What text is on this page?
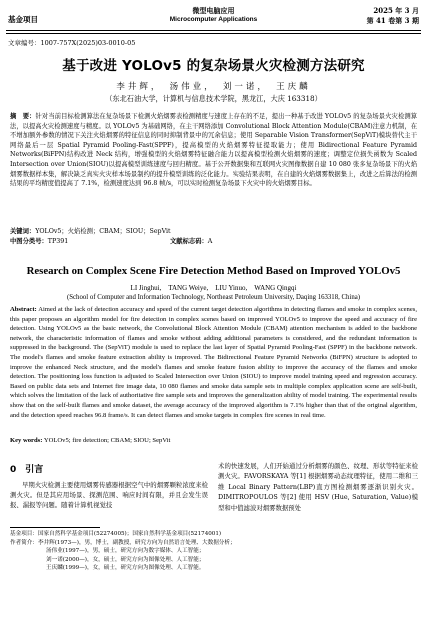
基金项目
微型电脑应用
Microcomputer Applications
2025 年 3 月
第 41 卷第 3 期
文章编号：1007-757X(2025)03-0010-05
基于改进 YOLOv5 的复杂场景火灾检测方法研究
李井辉，　汤伟业，　刘一诺，　王庆麟
（东北石油大学，计算机与信息技术学院，黑龙江，大庆 163318）
摘　要：针对当前目标检测算法在复杂场景下检测火焰烟雾表检测精度与速度上存在的不足，提出一种基于改进 YOLOv5 的复杂场景火灾检测算法，以提高火灾检测速度与精度。以 YOLOv5 为基础网络，在主干网络添加 Convolutional Block Attention Module(CBAM)注意力机制，在不增加额外参数的情况下关注火焰烟雾的特征信息的同时抑制背景中的冗余信息；使用 Separable Vision Transformer(SepViT)模块替代主干网络最后一层 Spatial Pyramid Pooling-Fast(SPPF)，提高模型的火焰烟雾特征提取能力；使用 Bidirectional Feature Pyramid Networks(BiFPN)结构改进 Neck 结构，增强模型的火焰烟雾特征融合能力以提高模型检测火焰烟雾的速度；调整定位损失函数为 Scaled Intersection over Union(SIOU)以提高模型训练速度与回归精度。基于公开数据集和互联网火灾图像数据自建 10 080 张多复杂场景下的火焰烟雾数据样本集，解决缺乏真实火灾样本场景制约的提升模型训练的泛化能力。实验结果表明，在自建的火焰烟雾数据集上，改进之后算法的检测结果的平均精度值提高了 7.1%，检测速度达到 96.8 帧/s，可以实时检测复杂场景下火灾中的火焰烟雾目标。
关键词：YOLOv5；火焰检测；CBAM；SIOU；SepVit
中图分类号：TP391	文献标志码：A
Research on Complex Scene Fire Detection Method Based on Improved YOLOv5
LI Jinghui,　TANG Weiye,　LIU Yinuo,　WANG Qingqi
(School of Computer and Information Technology, Northeast Petroleum University, Daqing 163318, China)
Abstract: Aimed at the lack of detection accuracy and speed of the current target detection algorithms in detecting flames and smoke in complex scenes, this paper proposes an algorithm model for fire detection in complex scenes based on improved YOLOv5 to improve the speed and accuracy of fire detection. Using YOLOv5 as the basic network, the Convolutional Block Attention Module (CBAM) attention mechanism is added to the backbone network, the characteristic information of flames and smoke without adding additional parameters is considered, and the redundant information is suppressed in the background. The (SepViT) module is used to replace the last layer of Spatial Pyramid Pooling-Fast (SPPF) in the backbone network. The model's flames and smoke feature extraction ability is improved. The Bidirectional Feature Pyramid Networks (BiFPN) structure is adopted to improve the enhanced Neck structure, and the model's flames and smoke feature fusion ability to improve the accuracy of the flames and smoke detection. The positioning loss function is adjusted to Scaled Intersection over Union (SIOU) to improve model training speed and regression accuracy. Based on public data sets and Internet fire image data, 10 080 flames and smoke data sample sets in multiple complex application scene are self-built, which solves the limitation of the lack of authoritative fire sample sets and improves the generalization ability of model training. The experimental results show that on the self-built flames and smoke dataset, the average accuracy of the improved algorithm is 7.1% higher than that of the original algorithm, and the detection speed reaches 96.8 frame/s. It can detect flames and smoke targets in complex fire scenes in real time.
Key words: YOLOv5; fire detection; CBAM; SIOU; SepVit
0　引言
早期火灾检测主要使用烟雾传感器根据空气中的烟雾颗粒浓度来检测火灾。但是其应用场景、探测范围、响应时间有限，并且会发生误报、漏报等问题。随着计算机视觉技
术的快速发展，人们开始通过分析烟雾的颜色、纹理、形状等特征来检测火灾。FAVORSKAYA 等[1] 根据烟雾动态纹理特征，使用二维和三维 Local Binary Pattern(LBP)直方图检测烟雾逐渐识别火灾。DIMITROPOULOS 等[2] 使用 HSV (Hue, Saturation, Value)模型和中值滤波对烟雾数据预处
基金项目：国家自然科学基金项目(52274005)；国家自然科学基金项目(52174001)
作者简介：李井辉(1973—)，男，博士，副教授，研究方向为自然语言处理、大数据分析；
汤伟业(1997—)，男，硕士，研究方向为数字媒体、人工智能；
刘一诺(2000—)，女，硕士，研究方向为图像处理、人工智能；
王庆麟(1999—)，女，硕士，研究方向为图像处理、人工智能。
